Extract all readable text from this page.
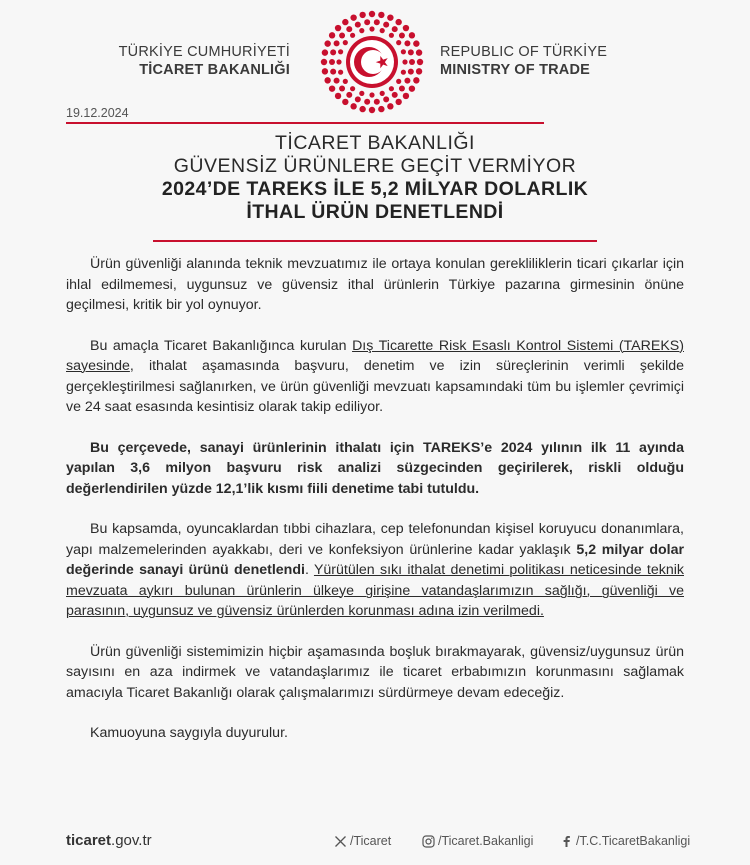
TÜRKİYE CUMHURİYETİ
TİCARET BAKANLIĞI
REPUBLIC OF TÜRKİYE
MINISTRY OF TRADE
19.12.2024
TİCARET BAKANLIĞI
GÜVENSİZ ÜRÜNLERE GEÇİT VERMİYOR
2024’DE TAREKS İLE 5,2 MİLYAR DOLARLIK
İTHAL ÜRÜN DENETLENDİ

Ürün güvenliği alanında teknik mevzuatımız ile ortaya konulan gerekliliklerin ticari çıkarlar için ihlal edilmemesi, uygunsuz ve güvensiz ithal ürünlerin Türkiye pazarına girmesinin önüne geçilmesi, kritik bir yol oynuyor.

Bu amaçla Ticaret Bakanlığınca kurulan Dış Ticarette Risk Esaslı Kontrol Sistemi (TAREKS) sayesinde, ithalat aşamasında başvuru, denetim ve izin süreçlerinin verimli şekilde gerçekleştirilmesi sağlanırken, ve ürün güvenliği mevzuatı kapsamındaki tüm bu işlemler çevrimiçi ve 24 saat esasında kesintisiz olarak takip ediliyor.

Bu çerçevede, sanayi ürünlerinin ithalatı için TAREKS’e 2024 yılının ilk 11 ayında yapılan 3,6 milyon başvuru risk analizi süzgecinden geçirilerek, riskli olduğu değerlendirilen yüzde 12,1’lik kısmı fiili denetime tabi tutuldu.

Bu kapsamda, oyuncaklardan tıbbi cihazlara, cep telefonundan kişisel koruyucu donanımlara, yapı malzemelerinden ayakkabı, deri ve konfeksiyon ürünlerine kadar yaklaşık 5,2 milyar dolar değerinde sanayi ürünü denetlendi. Yürütülen sıkı ithalat denetimi politikası neticesinde teknik mevzuata aykırı bulunan ürünlerin ülkeye girişine vatandaşlarımızın sağlığı, güvenliği ve parasının, uygunsuz ve güvensiz ürünlerden korunması adına izin verilmedi.

Ürün güvenliği sistemimizin hiçbir aşamasında boşluk bırakmayarak, güvensiz/uygunsuz ürün sayısını en aza indirmek ve vatandaşlarımız ile ticaret erbabımızın korunmasını sağlamak amacıyla Ticaret Bakanlığı olarak çalışmalarımızı sürdürmeye devam edeceğiz.

Kamuoyuna saygıyla duyurulur.

ticaret.gov.tr	/Ticaret	/Ticaret.Bakanligi	/T.C.TicaretBakanligi
